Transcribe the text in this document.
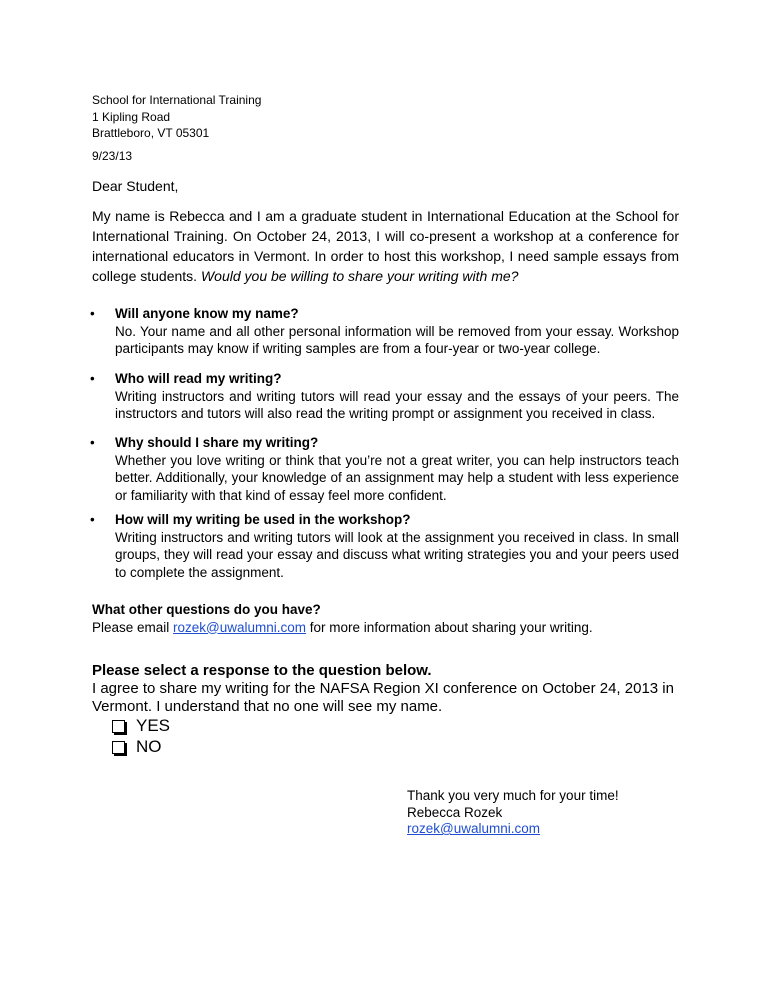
School for International Training
1 Kipling Road
Brattleboro, VT 05301
9/23/13
Dear Student,

My name is Rebecca and I am a graduate student in International Education at the School for International Training. On October 24, 2013, I will co-present a workshop at a conference for international educators in Vermont. In order to host this workshop, I need sample essays from college students. Would you be willing to share your writing with me?

• Will anyone know my name?
No. Your name and all other personal information will be removed from your essay. Workshop participants may know if writing samples are from a four-year or two-year college.
• Who will read my writing?
Writing instructors and writing tutors will read your essay and the essays of your peers. The instructors and tutors will also read the writing prompt or assignment you received in class.
• Why should I share my writing?
Whether you love writing or think that you’re not a great writer, you can help instructors teach better. Additionally, your knowledge of an assignment may help a student with less experience or familiarity with that kind of essay feel more confident.
• How will my writing be used in the workshop?
Writing instructors and writing tutors will look at the assignment you received in class. In small groups, they will read your essay and discuss what writing strategies you and your peers used to complete the assignment.
What other questions do you have?
Please email rozek@uwalumni.com for more information about sharing your writing.
Please select a response to the question below.
I agree to share my writing for the NAFSA Region XI conference on October 24, 2013 in Vermont. I understand that no one will see my name.
YES
NO
Thank you very much for your time!
Rebecca Rozek
rozek@uwalumni.com
